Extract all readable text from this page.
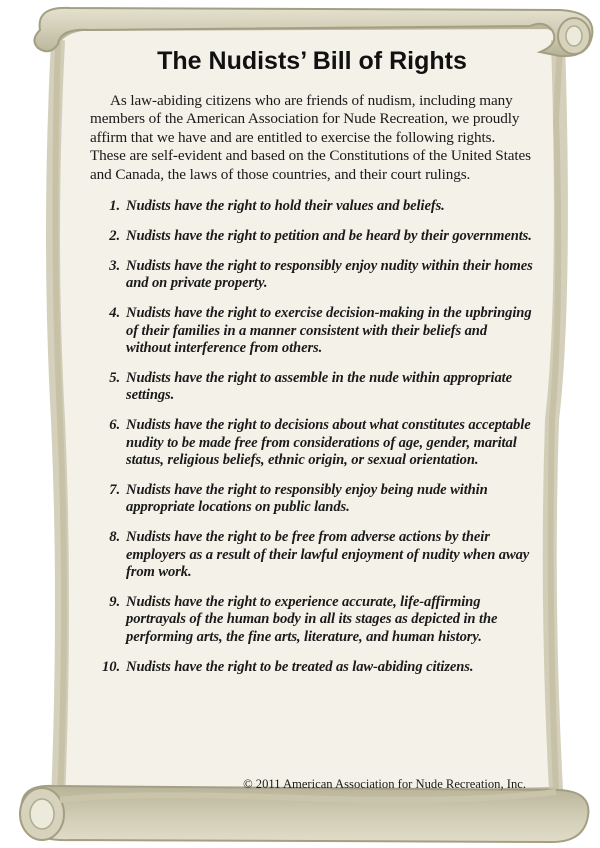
The Nudists’ Bill of Rights

As law-abiding citizens who are friends of nudism, including many members of the American Association for Nude Recreation, we proudly affirm that we have and are entitled to exercise the following rights. These are self-evident and based on the Constitutions of the United States and Canada, the laws of those countries, and their court rulings.

1. Nudists have the right to hold their values and beliefs.
2. Nudists have the right to petition and be heard by their governments.
3. Nudists have the right to responsibly enjoy nudity within their homes and on private property.
4. Nudists have the right to exercise decision-making in the upbringing of their families in a manner consistent with their beliefs and without interference from others.
5. Nudists have the right to assemble in the nude within appropriate settings.
6. Nudists have the right to decisions about what constitutes acceptable nudity to be made free from considerations of age, gender, marital status, religious beliefs, ethnic origin, or sexual orientation.
7. Nudists have the right to responsibly enjoy being nude within appropriate locations on public lands.
8. Nudists have the right to be free from adverse actions by their employers as a result of their lawful enjoyment of nudity when away from work.
9. Nudists have the right to experience accurate, life-affirming portrayals of the human body in all its stages as depicted in the performing arts, the fine arts, literature, and human history.
10. Nudists have the right to be treated as law-abiding citizens.
© 2011 American Association for Nude Recreation, Inc.
